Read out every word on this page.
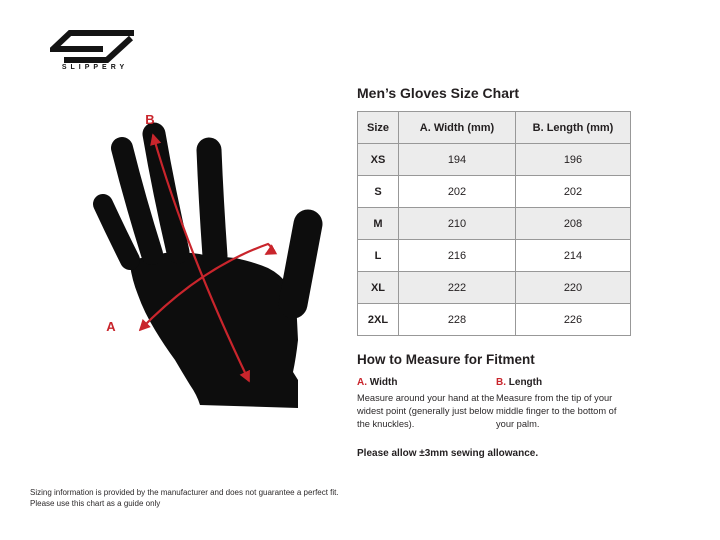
SLIPPERY
B
A
Men’s Gloves Size Chart
Size	A. Width (mm)	B. Length (mm)
XS	194	196
S	202	202
M	210	208
L	216	214
XL	222	220
2XL	228	226
How to Measure for Fitment
A. Width
Measure around your hand at the widest point (generally just below the knuckles).
B. Length
Measure from the tip of your middle finger to the bottom of your palm.
Please allow ±3mm sewing allowance.
Sizing information is provided by the manufacturer and does not guarantee a perfect fit.
Please use this chart as a guide only
